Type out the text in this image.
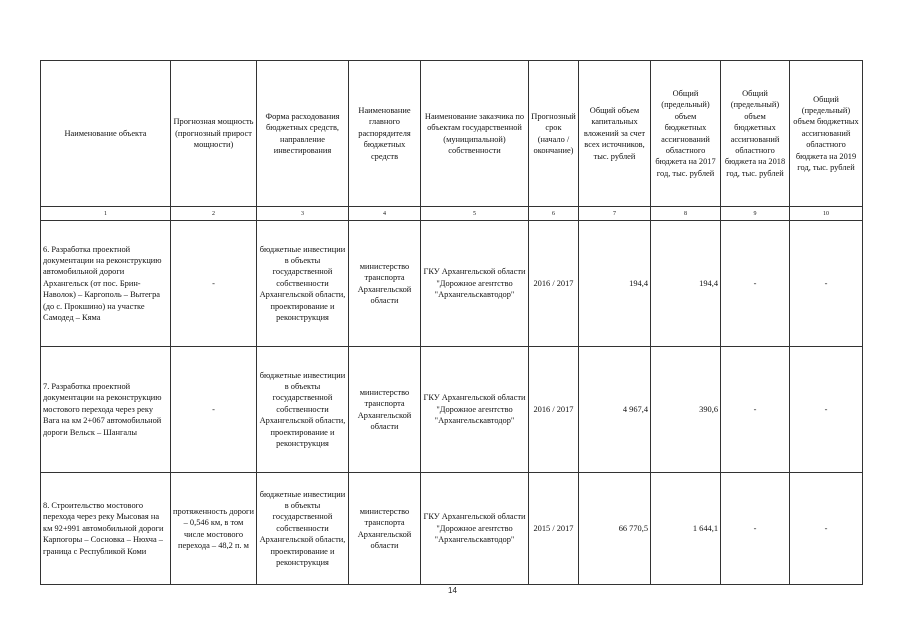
Наименование объекта	Прогнозная мощность (прогнозный прирост мощности)	Форма расходования бюджетных средств, направление инвестирования	Наименование главного распорядителя бюджетных средств	Наименование заказчика по объектам государственной (муниципальной) собственности	Прогнозный срок (начало / окончание)	Общий объем капитальных вложений за счет всех источников, тыс. рублей	Общий (предельный) объем бюджетных ассигнований областного бюджета на 2017 год, тыс. рублей	Общий (предельный) объем бюджетных ассигнований областного бюджета на 2018 год, тыс. рублей	Общий (предельный) объем бюджетных ассигнований областного бюджета на 2019 год, тыс. рублей
1	2	3	4	5	6	7	8	9	10
6. Разработка проектной документации на реконструкцию автомобильной дороги Архангельск (от пос. Брин-Наволок) – Каргополь – Вытегра (до с. Прокшино) на участке Самодед – Кяма	-	бюджетные инвестиции в объекты государственной собственности Архангельской области, проектирование и реконструкция	министерство транспорта Архангельской области	ГКУ Архангельской области "Дорожное агентство "Архангельскавтодор"	2016 / 2017	194,4	194,4	-	-
7. Разработка проектной документации на реконструкцию мостового перехода через реку Вага на км 2+067 автомобильной дороги Вельск – Шангалы	-	бюджетные инвестиции в объекты государственной собственности Архангельской области, проектирование и реконструкция	министерство транспорта Архангельской области	ГКУ Архангельской области "Дорожное агентство "Архангельскавтодор"	2016 / 2017	4 967,4	390,6	-	-
8. Строительство мостового перехода через реку Мысовая на км 92+991 автомобильной дороги Карпогоры – Сосновка – Нюхча – граница с Республикой Коми	протяженность дороги – 0,546 км, в том числе мостового перехода – 48,2 п. м	бюджетные инвестиции в объекты государственной собственности Архангельской области, проектирование и реконструкция	министерство транспорта Архангельской области	ГКУ Архангельской области "Дорожное агентство "Архангельскавтодор"	2015 / 2017	66 770,5	1 644,1	-	-
14
